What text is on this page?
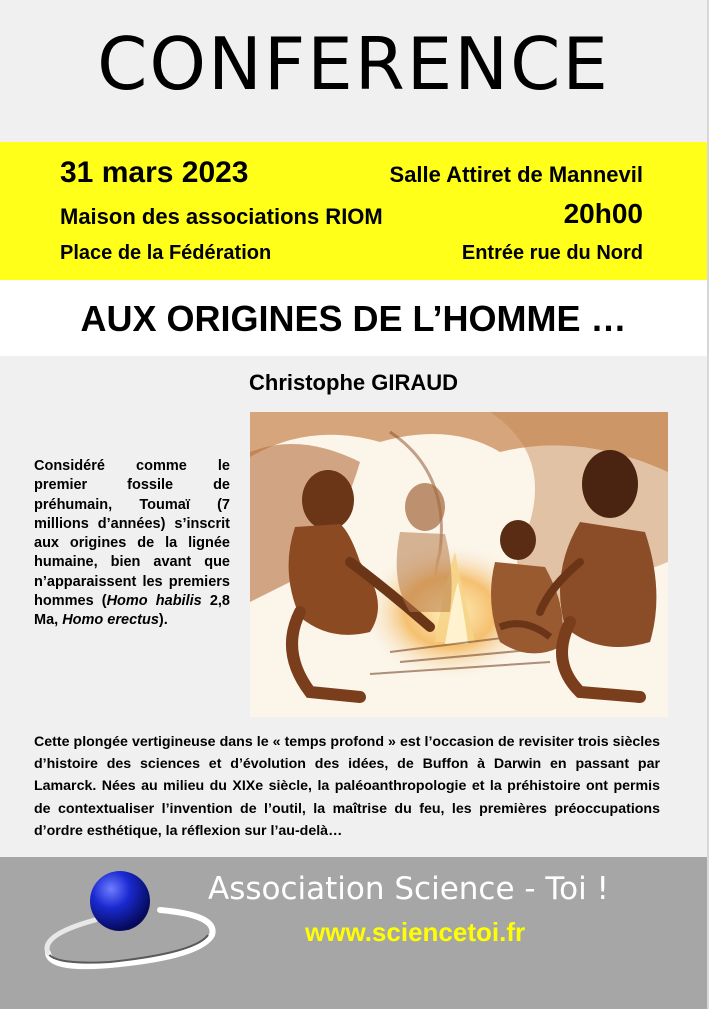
CONFERENCE
31 mars 2023	Salle Attiret de Mannevil
Maison des associations RIOM	20h00
Place de la Fédération	Entrée rue du Nord
AUX ORIGINES DE L’HOMME …
Christophe GIRAUD
Considéré comme le premier fossile de préhumain, Toumaï (7 millions d’années) s’inscrit aux origines de la lignée humaine, bien avant que n’apparaissent les premiers hommes (Homo habilis 2,8 Ma, Homo erectus).
Cette plongée vertigineuse dans le « temps profond » est l’occasion de revisiter trois siècles d’histoire des sciences et d’évolution des idées, de Buffon à Darwin en passant par Lamarck. Nées au milieu du XIXe siècle, la paléoanthropologie et la préhistoire ont permis de contextualiser l’invention de l’outil, la maîtrise du feu, les premières préoccupations d’ordre esthétique, la réflexion sur l’au-delà…
Association Science - Toi !
www.sciencetoi.fr
